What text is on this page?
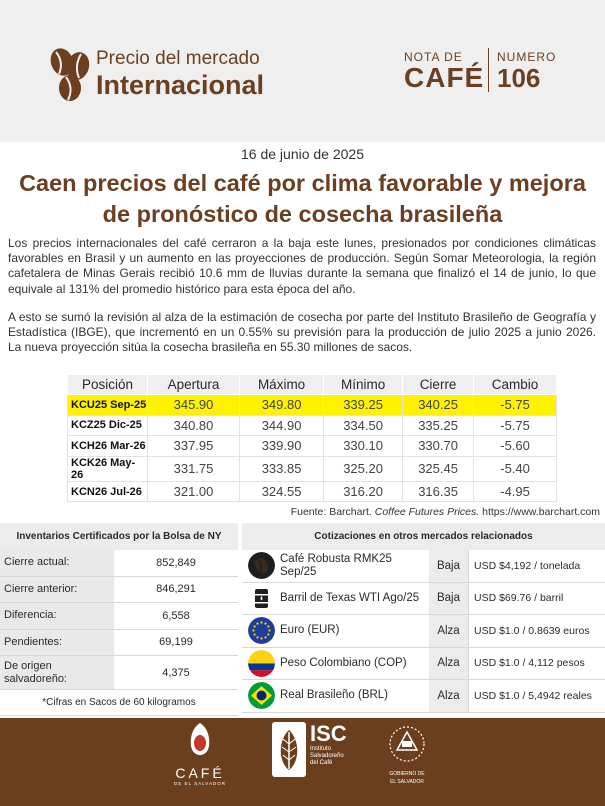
Precio del mercado
Internacional
NOTA DE
CAFÉ
NUMERO
106
16 de junio de 2025
Caen precios del café por clima favorable y mejora de pronóstico de cosecha brasileña

Los precios internacionales del café cerraron a la baja este lunes, presionados por condiciones climáticas favorables en Brasil y un aumento en las proyecciones de producción. Según Somar Meteorologia, la región cafetalera de Minas Gerais recibió 10.6 mm de lluvias durante la semana que finalizó el 14 de junio, lo que equivale al 131% del promedio histórico para esta época del año.

A esto se sumó la revisión al alza de la estimación de cosecha por parte del Instituto Brasileño de Geografía y Estadística (IBGE), que incrementó en un 0.55% su previsión para la producción de julio 2025 a junio 2026. La nueva proyección sitúa la cosecha brasileña en 55.30 millones de sacos.

Posición	Apertura	Máximo	Mínimo	Cierre	Cambio
KCU25 Sep-25	345.90	349.80	339.25	340.25	-5.75
KCZ25 Dic-25	340.80	344.90	334.50	335.25	-5.75
KCH26 Mar-26	337.95	339.90	330.10	330.70	-5.60
KCK26 May-26	331.75	333.85	325.20	325.45	-5.40
KCN26 Jul-26	321.00	324.55	316.20	316.35	-4.95
Fuente: Barchart. Coffee Futures Prices. https://www.barchart.com
Inventarios Certificados por la Bolsa de NY
Cierre actual:	852,849
Cierre anterior:	846,291
Diferencia:	6,558
Pendientes:	69,199
De origen salvadoreño:	4,375
*Cifras en Sacos de 60 kilogramos
Cotizaciones en otros mercados relacionados
Café Robusta RMK25 Sep/25	Baja	USD $4,192 / tonelada
Barril de Texas WTI Ago/25	Baja	USD $69.76 / barril
Euro (EUR)	Alza	USD $1.0 / 0.8639 euros
Peso Colombiano (COP)	Alza	USD $1.0 / 4,112 pesos
Real Brasileño (BRL)	Alza	USD $1.0 / 5,4942 reales
CAFÉ
DE EL SALVADOR
ISC
Instituto
Salvadoreño
del Café
GOBIERNO DE
EL SALVADOR
